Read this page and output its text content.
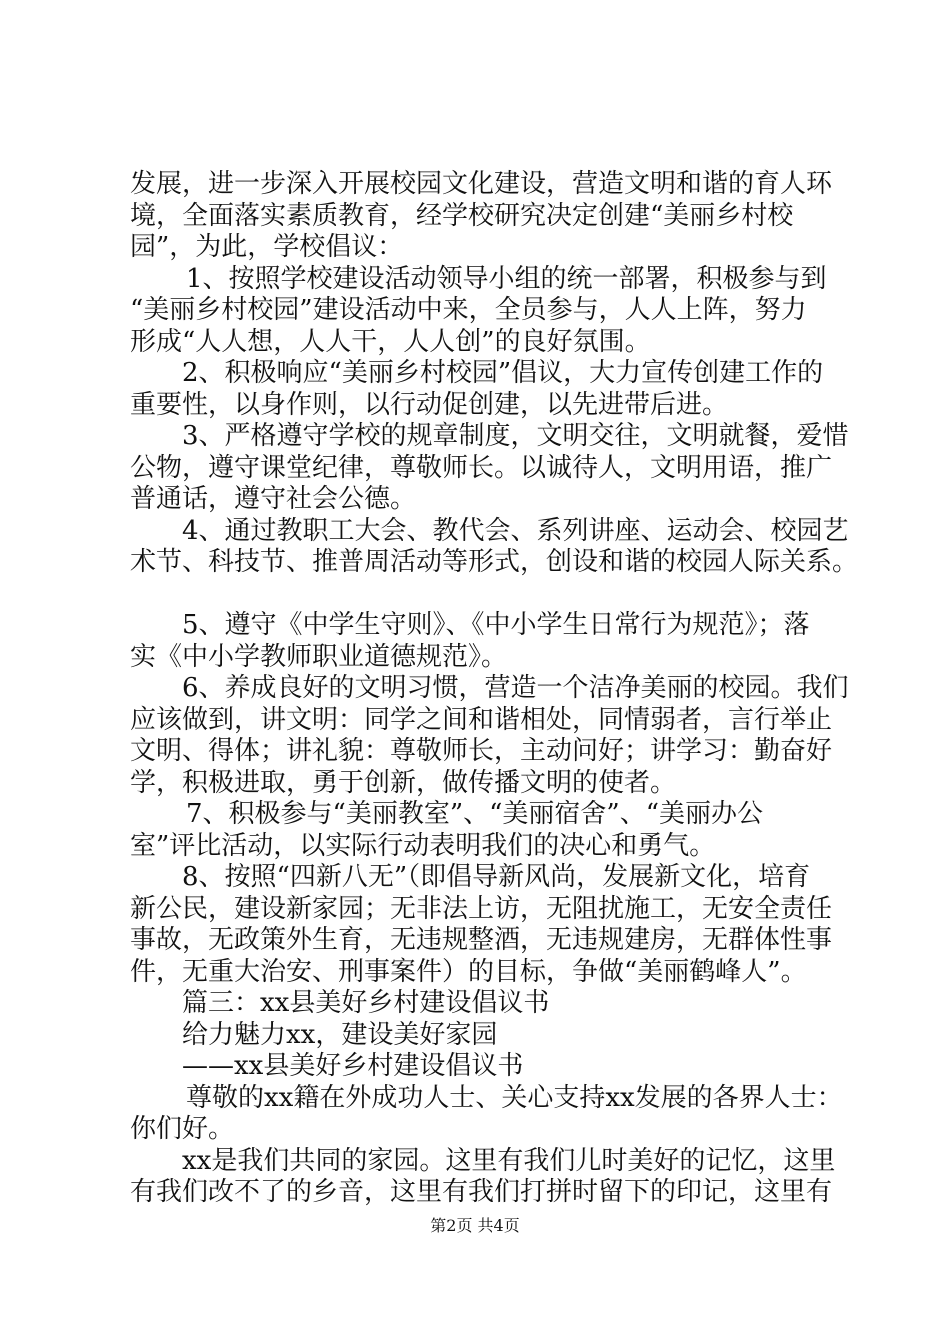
发展，进一步深入开展校园文化建设，营造文明和谐的育人环
境，全面落实素质教育，经学校研究决定创建“美丽乡村校
园”，为此，学校倡议：
1、按照学校建设活动领导小组的统一部署，积极参与到
“美丽乡村校园”建设活动中来，全员参与，人人上阵，努力
形成“人人想，人人干，人人创”的良好氛围。
2、积极响应“美丽乡村校园”倡议，大力宣传创建工作的
重要性，以身作则，以行动促创建，以先进带后进。
3、严格遵守学校的规章制度，文明交往，文明就餐，爱惜
公物，遵守课堂纪律，尊敬师长。以诚待人，文明用语，推广
普通话，遵守社会公德。
4、通过教职工大会、教代会、系列讲座、运动会、校园艺
术节、科技节、推普周活动等形式，创设和谐的校园人际关系。
5、遵守《中学生守则》、《中小学生日常行为规范》；落
实《中小学教师职业道德规范》。
6、养成良好的文明习惯，营造一个洁净美丽的校园。我们
应该做到，讲文明：同学之间和谐相处，同情弱者，言行举止
文明、得体；讲礼貌：尊敬师长，主动问好；讲学习：勤奋好
学，积极进取，勇于创新，做传播文明的使者。
7、积极参与“美丽教室”、“美丽宿舍”、“美丽办公
室”评比活动，以实际行动表明我们的决心和勇气。
8、按照“四新八无”（即倡导新风尚，发展新文化，培育
新公民，建设新家园；无非法上访，无阻扰施工，无安全责任
事故，无政策外生育，无违规整酒，无违规建房，无群体性事
件，无重大治安、刑事案件）的目标，争做“美丽鹤峰人”。
篇三：xx县美好乡村建设倡议书
给力魅力xx，建设美好家园
——xx县美好乡村建设倡议书
尊敬的xx籍在外成功人士、关心支持xx发展的各界人士：
你们好。
xx是我们共同的家园。这里有我们儿时美好的记忆，这里
有我们改不了的乡音，这里有我们打拼时留下的印记，这里有
第2页 共4页
